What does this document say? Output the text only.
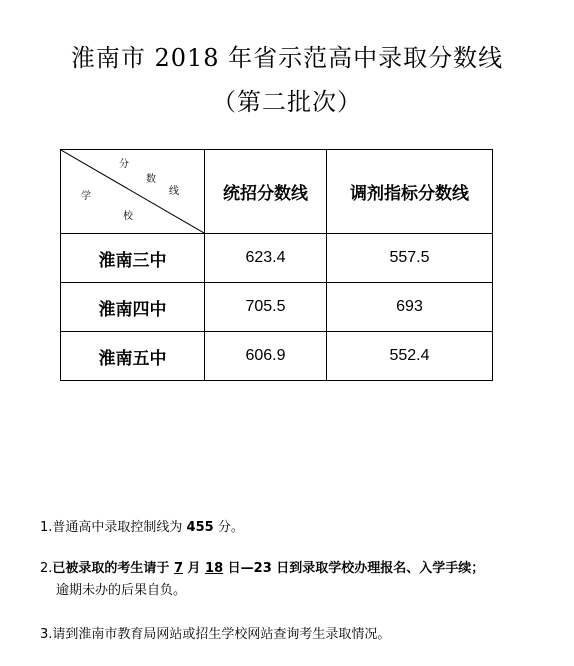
淮南市 2018 年省示范高中录取分数线
（第二批次）
分
数
线
学
校	统招分数线	调剂指标分数线
淮南三中	623.4	557.5
淮南四中	705.5	693
淮南五中	606.9	552.4
1.普通高中录取控制线为 455 分。
2.已被录取的考生请于 7 月 18 日—23 日到录取学校办理报名、入学手续；
逾期未办的后果自负。
3.请到淮南市教育局网站或招生学校网站查询考生录取情况。
